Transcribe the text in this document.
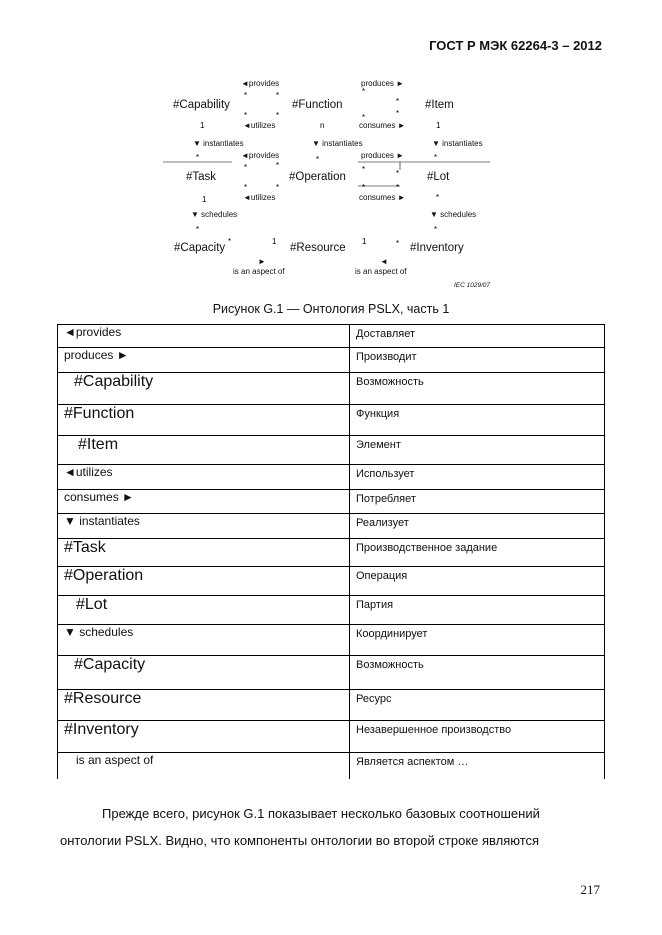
ГОСТ Р МЭК 62264-3 – 2012
*	*
*	*
*
*
*	*
1	n	1
*	*	*
*	*
*	*
*	*
*	*
1	*
*	*
*	1	1	*
#Capability	#Function	#Item
#Task	#Operation	#Lot
#Capacity	#Resource	#Inventory
◄provides	produces ►
◄utilizes	consumes ►
▼ instantiates	▼ instantiates	▼ instantiates
◄provides	produces ►
◄utilizes	consumes ►
▼ schedules	▼ schedules
►	◄
is an aspect of	is an aspect of
IEC 1029/07
Рисунок G.1 — Онтология PSLX, часть 1
◄provides	Доставляет
produces ►	Производит
#Capability	Возможность
#Function	Функция
#Item	Элемент
◄utilizes	Использует
consumes ►	Потребляет
▼ instantiates	Реализует
#Task	Производственное задание
#Operation	Операция
#Lot	Партия
▼ schedules	Координирует
#Capacity	Возможность
#Resource	Ресурс
#Inventory	Незавершенное производство
is an aspect of	Является аспектом …
Прежде всего, рисунок G.1 показывает несколько базовых соотношений
онтологии PSLX. Видно, что компоненты онтологии во второй строке являются
217
